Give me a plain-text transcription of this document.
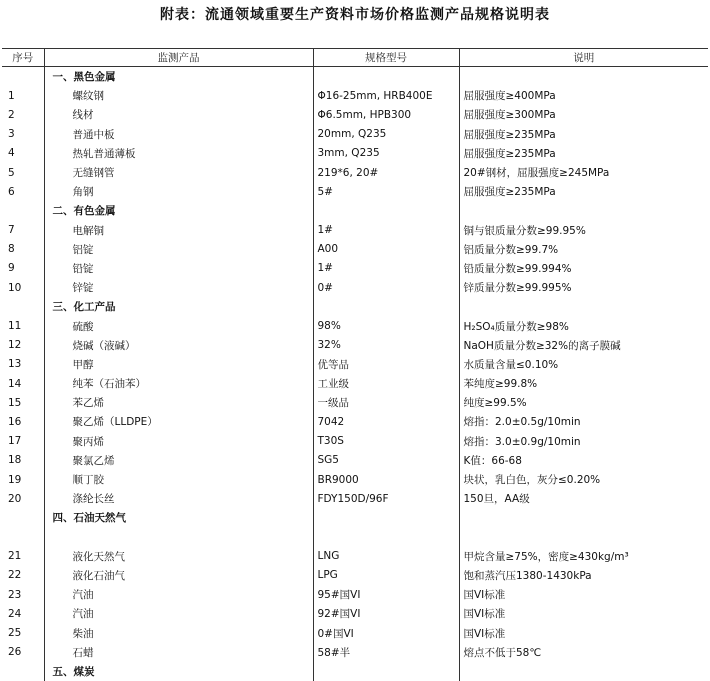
附表：流通领域重要生产资料市场价格监测产品规格说明表
序号	监测产品	规格型号	说明
	一、黑色金属		
1	螺纹钢	Φ16-25mm, HRB400E	屈服强度≥400MPa
2	线材	Φ6.5mm, HPB300	屈服强度≥300MPa
3	普通中板	20mm, Q235	屈服强度≥235MPa
4	热轧普通薄板	3mm, Q235	屈服强度≥235MPa
5	无缝钢管	219*6, 20#	20#钢材，屈服强度≥245MPa
6	角钢	5#	屈服强度≥235MPa
	二、有色金属		
7	电解铜	1#	铜与银质量分数≥99.95%
8	铝锭	A00	铝质量分数≥99.7%
9	铅锭	1#	铅质量分数≥99.994%
10	锌锭	0#	锌质量分数≥99.995%
	三、化工产品		
11	硫酸	98%	H₂SO₄质量分数≥98%
12	烧碱（液碱）	32%	NaOH质量分数≥32%的离子膜碱
13	甲醇	优等品	水质量含量≤0.10%
14	纯苯（石油苯）	工业级	苯纯度≥99.8%
15	苯乙烯	一级品	纯度≥99.5%
16	聚乙烯（LLDPE）	7042	熔指：2.0±0.5g/10min
17	聚丙烯	T30S	熔指：3.0±0.9g/10min
18	聚氯乙烯	SG5	K值：66-68
19	顺丁胶	BR9000	块状，乳白色，灰分≤0.20%
20	涤纶长丝	FDY150D/96F	150旦，AA级
	四、石油天然气		

21	液化天然气	LNG	甲烷含量≥75%，密度≥430kg/m³
22	液化石油气	LPG	饱和蒸汽压1380-1430kPa
23	汽油	95#国VI	国VI标准
24	汽油	92#国VI	国VI标准
25	柴油	0#国VI	国VI标准
26	石蜡	58#半	熔点不低于58℃
	五、煤炭		
